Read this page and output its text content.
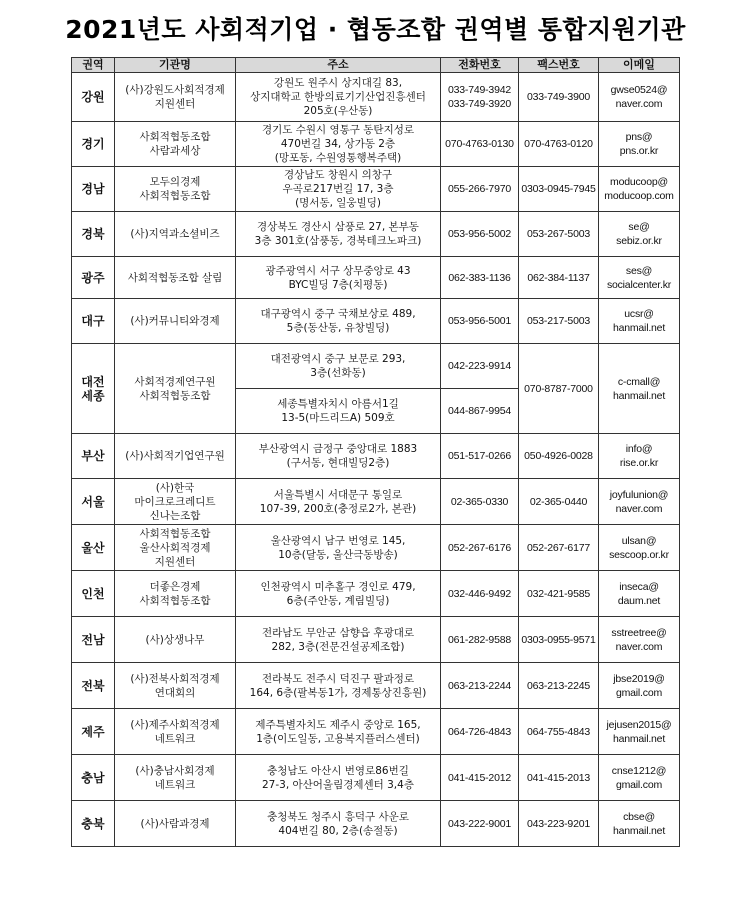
2021년도 사회적기업 · 협동조합 권역별 통합지원기관
권역	기관명	주소	전화번호	팩스번호	이메일

강원	(사)강원도사회적경제
지원센터	강원도 원주시 상지대길 83,
상지대학교 한방의료기기산업진흥센터
205호(우산동)	033-749-3942
033-749-3920	033-749-3900	gwse0524@
naver.com

경기	사회적협동조합
사람과세상	경기도 수원시 영통구 동탄지성로
470번길 34, 상가동 2층
(망포동, 수원영통행복주택)	070-4763-0130	070-4763-0120	pns@
pns.or.kr

경남	모두의경제
사회적협동조합	경상남도 창원시 의창구
우곡로217번길 17, 3층
(명서동, 일웅빌딩)	055-266-7970	0303-0945-7945	moducoop@
moducoop.com

경북	(사)지역과소셜비즈	경상북도 경산시 삼풍로 27, 본부동
3층 301호(삼풍동, 경북테크노파크)	053-956-5002	053-267-5003	se@
sebiz.or.kr

광주	사회적협동조합 살림	광주광역시 서구 상무중앙로 43
BYC빌딩 7층(치평동)	062-383-1136	062-384-1137	ses@
socialcenter.kr

대구	(사)커뮤니티와경제	대구광역시 중구 국채보상로 489,
5층(동산동, 유창빌딩)	053-956-5001	053-217-5003	ucsr@
hanmail.net

대전
세종	사회적경제연구원
사회적협동조합	대전광역시 중구 보문로 293,
3층(선화동)	042-223-9914	070-8787-7000	c-cmall@
hanmail.net

		세종특별자치시 아름서1길
13-5(마드리드A) 509호	044-867-9954		

부산	(사)사회적기업연구원	부산광역시 금정구 중앙대로 1883
(구서동, 현대빌딩2층)	051-517-0266	050-4926-0028	info@
rise.or.kr

서울	(사)한국
마이크로크레디트
신나는조합	서울특별시 서대문구 통일로
107-39, 200호(충정로2가, 본관)	02-365-0330	02-365-0440	joyfulunion@
naver.com

울산	사회적협동조합
울산사회적경제
지원센터	울산광역시 남구 번영로 145,
10층(달동, 울산극동방송)	052-267-6176	052-267-6177	ulsan@
sescoop.or.kr

인천	더좋은경제
사회적협동조합	인천광역시 미추홀구 경인로 479,
6층(주안동, 계림빌딩)	032-446-9492	032-421-9585	inseca@
daum.net

전남	(사)상생나무	전라남도 무안군 삼향읍 후광대로
282, 3층(전문건설공제조합)	061-282-9588	0303-0955-9571	sstreetree@
naver.com

전북	(사)전북사회적경제
연대회의	전라북도 전주시 덕진구 팔과정로
164, 6층(팔복동1가, 경제통상진흥원)	063-213-2244	063-213-2245	jbse2019@
gmail.com

제주	(사)제주사회적경제
네트워크	제주특별자치도 제주시 중앙로 165,
1층(이도일동, 고용복지플러스센터)	064-726-4843	064-755-4843	jejusen2015@
hanmail.net

충남	(사)충남사회경제
네트워크	충청남도 아산시 번영로86번길
27-3, 아산어울림경제센터 3,4층	041-415-2012	041-415-2013	cnse1212@
gmail.com

충북	(사)사람과경제	충청북도 청주시 흥덕구 사운로
404번길 80, 2층(송절동)	043-222-9001	043-223-9201	cbse@
hanmail.net
